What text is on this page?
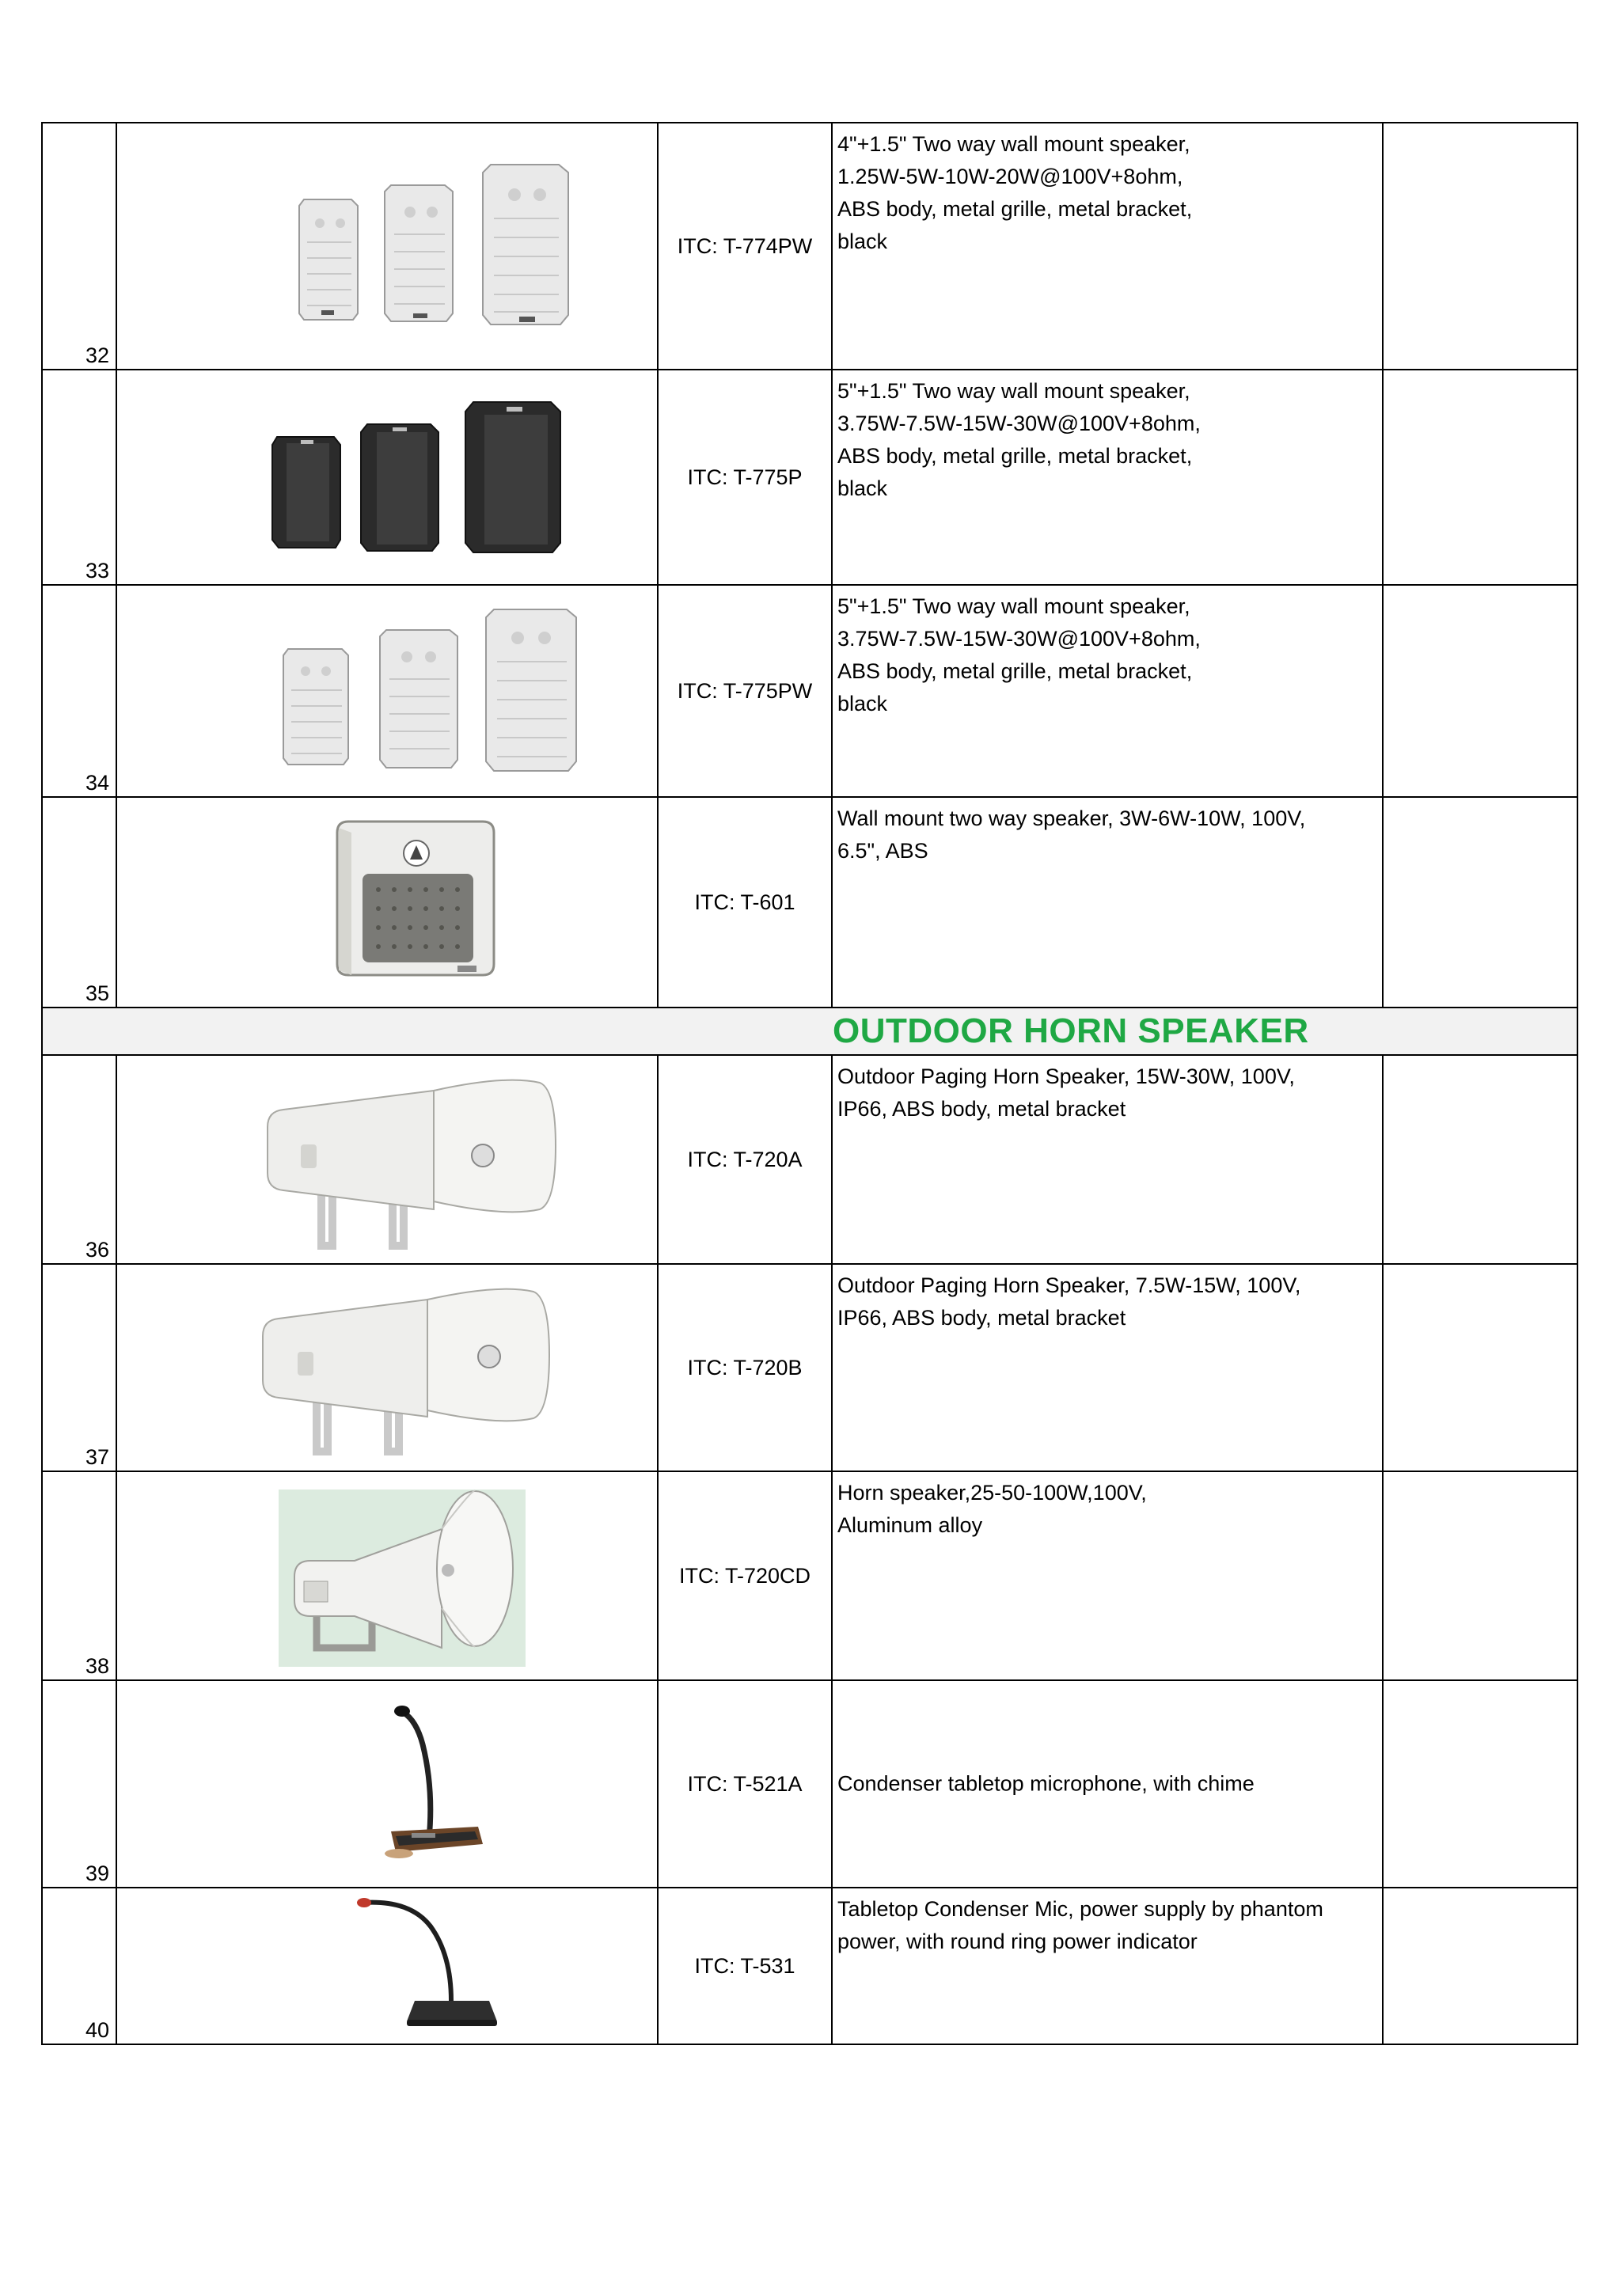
32
ITC: T-774PW
4"+1.5" Two way wall mount speaker,
1.25W-5W-10W-20W@100V+8ohm,
ABS body, metal grille, metal bracket,
black
33
ITC: T-775P
5"+1.5" Two way wall mount speaker,
3.75W-7.5W-15W-30W@100V+8ohm,
ABS body, metal grille, metal bracket,
black
34
ITC: T-775PW
5"+1.5" Two way wall mount speaker,
3.75W-7.5W-15W-30W@100V+8ohm,
ABS body, metal grille, metal bracket,
black
35
ITC: T-601
Wall mount two way speaker, 3W-6W-10W, 100V,
6.5", ABS
OUTDOOR HORN SPEAKER
36
ITC: T-720A
Outdoor Paging Horn Speaker, 15W-30W, 100V,
IP66, ABS body, metal bracket
37
ITC: T-720B
Outdoor Paging Horn Speaker, 7.5W-15W, 100V,
IP66, ABS body, metal bracket
38
ITC: T-720CD
Horn speaker,25-50-100W,100V,
Aluminum alloy
39
ITC: T-521A	Condenser tabletop microphone, with chime
40
ITC: T-531
Tabletop Condenser Mic, power supply by phantom
power, with round ring power indicator
